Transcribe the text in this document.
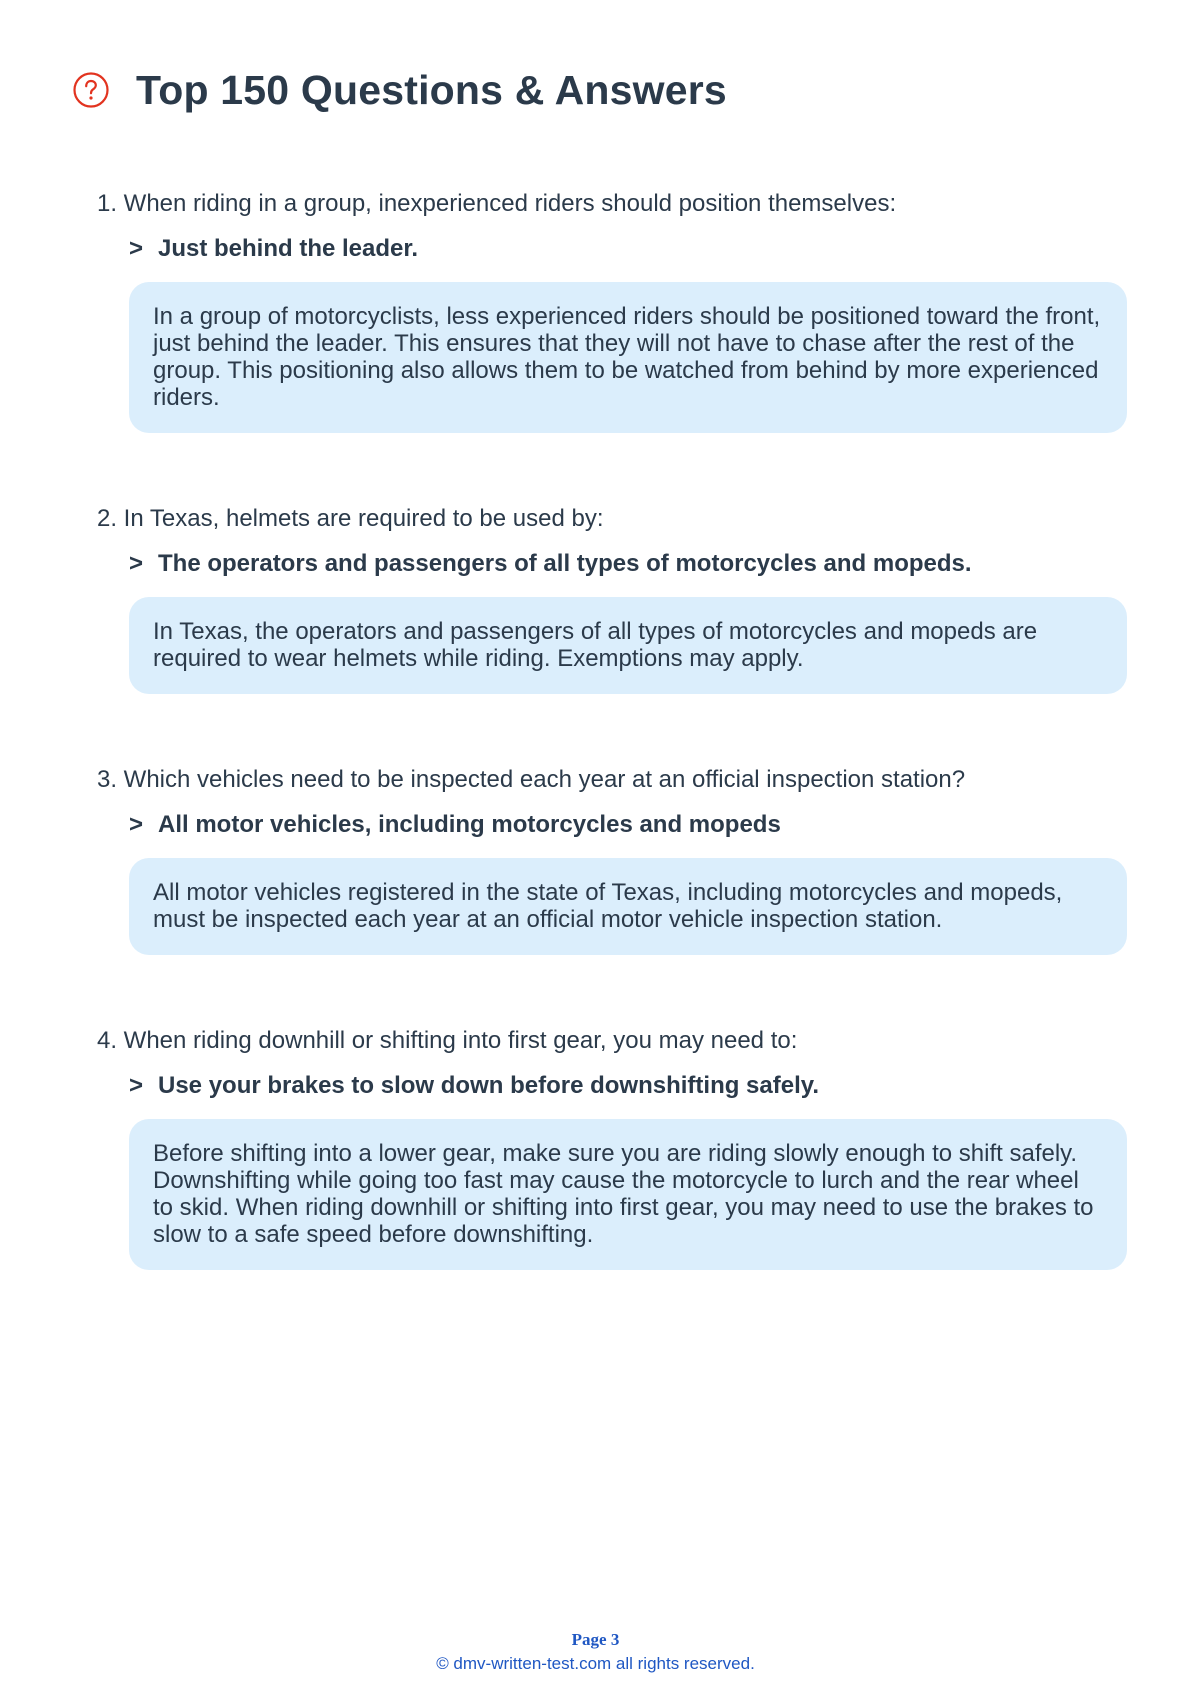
Top 150 Questions & Answers
1. When riding in a group, inexperienced riders should position themselves:
> Just behind the leader.
In a group of motorcyclists, less experienced riders should be positioned toward the front, just behind the leader. This ensures that they will not have to chase after the rest of the group. This positioning also allows them to be watched from behind by more experienced riders.
2. In Texas, helmets are required to be used by:
> The operators and passengers of all types of motorcycles and mopeds.
In Texas, the operators and passengers of all types of motorcycles and mopeds are required to wear helmets while riding. Exemptions may apply.
3. Which vehicles need to be inspected each year at an official inspection station?
> All motor vehicles, including motorcycles and mopeds
All motor vehicles registered in the state of Texas, including motorcycles and mopeds, must be inspected each year at an official motor vehicle inspection station.
4. When riding downhill or shifting into first gear, you may need to:
> Use your brakes to slow down before downshifting safely.
Before shifting into a lower gear, make sure you are riding slowly enough to shift safely. Downshifting while going too fast may cause the motorcycle to lurch and the rear wheel to skid. When riding downhill or shifting into first gear, you may need to use the brakes to slow to a safe speed before downshifting.
Page 3
© dmv-written-test.com all rights reserved.
